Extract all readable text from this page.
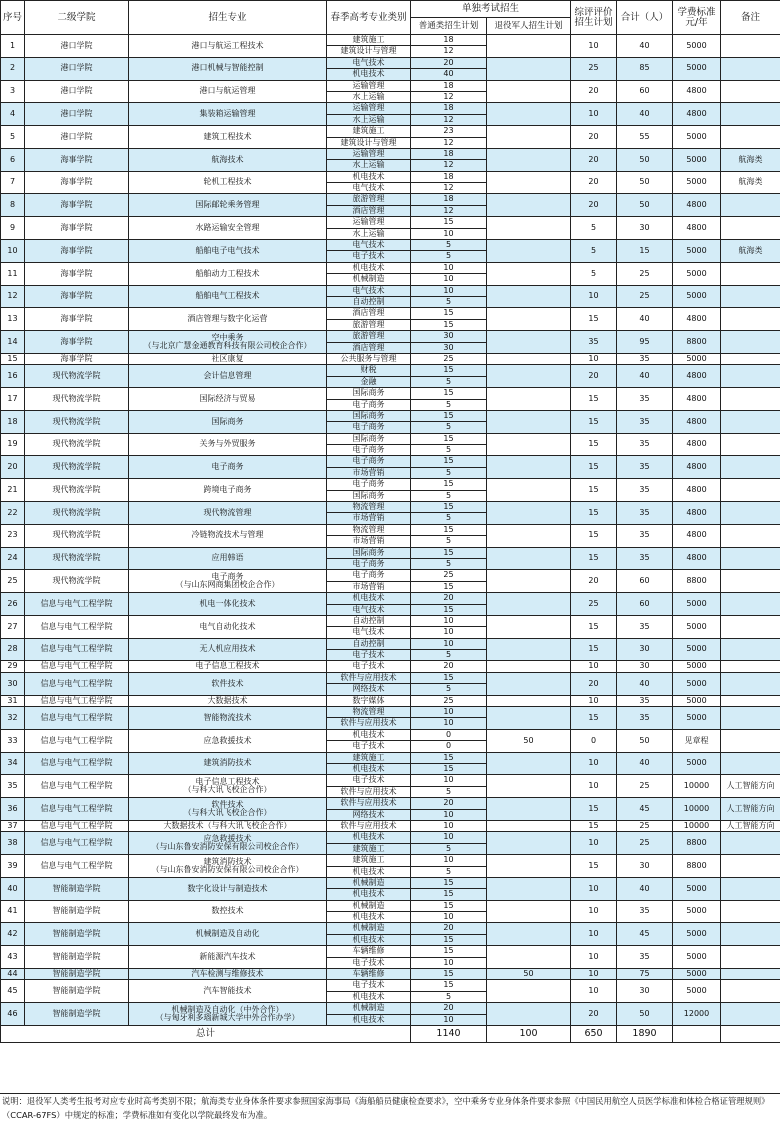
序号	二级学院	招生专业	春季高考专业类别	单独考试招生		综评评价招生计划	合计（人）	学费标准元/年	备注
				普通类招生计划	退役军人招生计划				
1	港口学院	港口与航运工程技术	建筑施工	18		10	40	5000	
			建筑设计与管理	12					
2	港口学院	港口机械与智能控制	电气技术	20		25	85	5000	
			机电技术	40					
3	港口学院	港口与航运管理	运输管理	18		20	60	4800	
			水上运输	12					
4	港口学院	集装箱运输管理	运输管理	18		10	40	4800	
			水上运输	12					
5	港口学院	建筑工程技术	建筑施工	23		20	55	5000	
			建筑设计与管理	12					
6	海事学院	航海技术	运输管理	18		20	50	5000	航海类
			水上运输	12					
7	海事学院	轮机工程技术	机电技术	18		20	50	5000	航海类
			电气技术	12					
8	海事学院	国际邮轮乘务管理	旅游管理	18		20	50	4800	
			酒店管理	12					
9	海事学院	水路运输安全管理	运输管理	15		5	30	4800	
			水上运输	10					
10	海事学院	船舶电子电气技术	电气技术	5		5	15	5000	航海类
			电子技术	5					
11	海事学院	船舶动力工程技术	机电技术	10		5	25	5000	
			机械制造	10					
12	海事学院	船舶电气工程技术	电气技术	10		10	25	5000	
			自动控制	5					
13	海事学院	酒店管理与数字化运营	酒店管理	15		15	40	4800	
			旅游管理	15					
14	海事学院	空中乘务
（与北京广慧金通教育科技有限公司校企合作）	旅游管理	30		35	95	8800	
			酒店管理	30					
15	海事学院	社区康复	公共服务与管理	25		10	35	5000	
16	现代物流学院	会计信息管理	财税	15		20	40	4800	
			金融	5					
17	现代物流学院	国际经济与贸易	国际商务	15		15	35	4800	
			电子商务	5					
18	现代物流学院	国际商务	国际商务	15		15	35	4800	
			电子商务	5					
19	现代物流学院	关务与外贸服务	国际商务	15		15	35	4800	
			电子商务	5					
20	现代物流学院	电子商务	电子商务	15		15	35	4800	
			市场营销	5					
21	现代物流学院	跨境电子商务	电子商务	15		15	35	4800	
			国际商务	5					
22	现代物流学院	现代物流管理	物流管理	15		15	35	4800	
			市场营销	5					
23	现代物流学院	冷链物流技术与管理	物流管理	15		15	35	4800	
			市场营销	5					
24	现代物流学院	应用韩语	国际商务	15		15	35	4800	
			电子商务	5					
25	现代物流学院	电子商务
（与山东网商集团校企合作）	电子商务	25		20	60	8800	
			市场营销	15					
26	信息与电气工程学院	机电一体化技术	机电技术	20		25	60	5000	
			电气技术	15					
27	信息与电气工程学院	电气自动化技术	自动控制	10		15	35	5000	
			电气技术	10					
28	信息与电气工程学院	无人机应用技术	自动控制	10		15	30	5000	
			电子技术	5					
29	信息与电气工程学院	电子信息工程技术	电子技术	20		10	30	5000	
30	信息与电气工程学院	软件技术	软件与应用技术	15		20	40	5000	
			网络技术	5					
31	信息与电气工程学院	大数据技术	数字媒体	25		10	35	5000	
32	信息与电气工程学院	智能物流技术	物流管理	10		15	35	5000	
			软件与应用技术	10					
33	信息与电气工程学院	应急救援技术	机电技术	0	50	0	50	见章程	
			电子技术	0					
34	信息与电气工程学院	建筑消防技术	建筑施工	15		10	40	5000	
			机电技术	15					
35	信息与电气工程学院	电子信息工程技术
（与科大讯飞校企合作）	电子技术	10		10	25	10000	人工智能方向
			软件与应用技术	5					
36	信息与电气工程学院	软件技术
（与科大讯飞校企合作）	软件与应用技术	20		15	45	10000	人工智能方向
			网络技术	10					
37	信息与电气工程学院	大数据技术（与科大讯飞校企合作）	软件与应用技术	10		15	25	10000	人工智能方向
38	信息与电气工程学院	应急救援技术
（与山东鲁安消防安保有限公司校企合作）	机电技术	10		10	25	8800	
			建筑施工	5					
39	信息与电气工程学院	建筑消防技术
（与山东鲁安消防安保有限公司校企合作）	建筑施工	10		15	30	8800	
			机电技术	5					
40	智能制造学院	数字化设计与制造技术	机械制造	15		10	40	5000	
			机电技术	15					
41	智能制造学院	数控技术	机械制造	15		10	35	5000	
			机电技术	10					
42	智能制造学院	机械制造及自动化	机械制造	20		10	45	5000	
			机电技术	15					
43	智能制造学院	新能源汽车技术	车辆维修	15		10	35	5000	
			电子技术	10					
44	智能制造学院	汽车检测与维修技术	车辆维修	15	50	10	75	5000	
45	智能制造学院	汽车智能技术	电子技术	15		10	30	5000	
			机电技术	5					
46	智能制造学院	机械制造及自动化（中外合作）
（与匈牙利多瑙新城大学中外合作办学）	机械制造	20		20	50	12000	
			机电技术	10					
总计				1140	100	650	1890		
说明：退役军人类考生报考对应专业时高考类别不限；航海类专业身体条件要求参照国家海事局《海船船员健康检查要求》，空中乘务专业身体条件要求参照《中国民用航空人员医学标准和体检合格证管理规则》（CCAR-67FS）中规定的标准；学费标准如有变化以学院最终发布为准。
